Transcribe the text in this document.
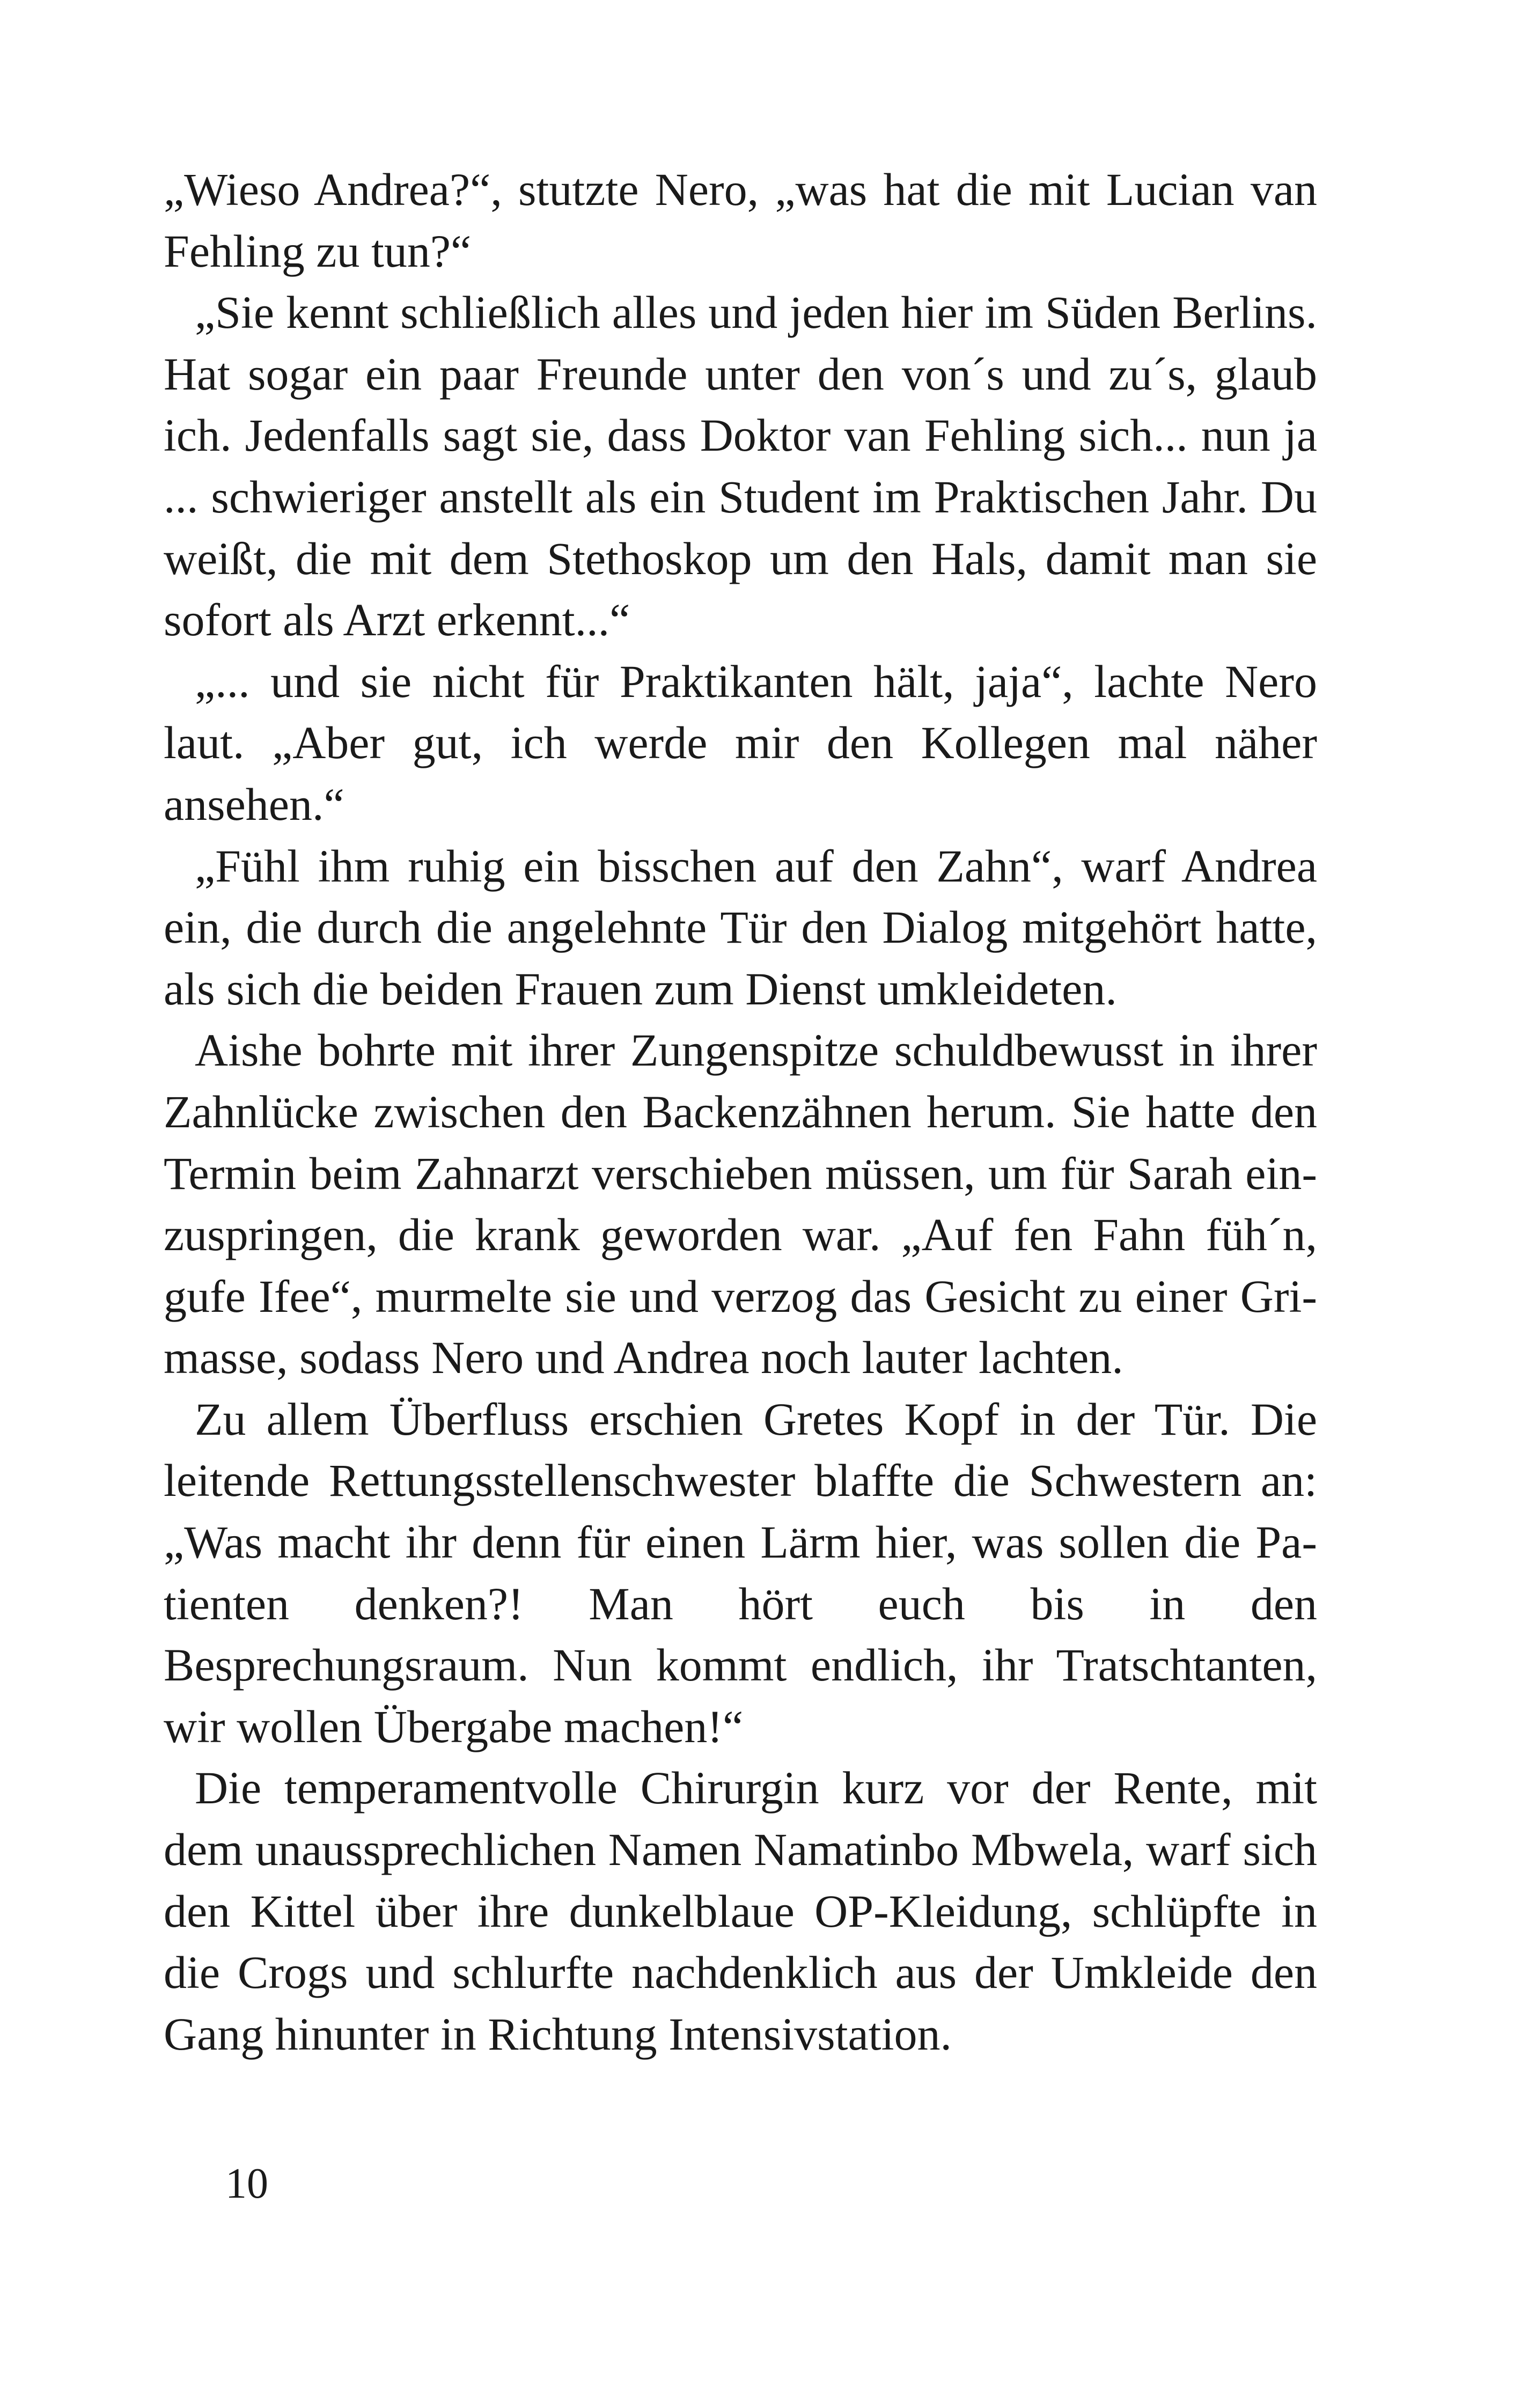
„Wieso Andrea?“, stutzte Nero, „was hat die mit Lucian van Fehling zu tun?“

„Sie kennt schließlich alles und jeden hier im Süden Berlins. Hat sogar ein paar Freunde unter den von´s und zu´s, glaub ich. Jedenfalls sagt sie, dass Doktor van Fehling sich... nun ja ... schwieriger anstellt als ein Student im Praktischen Jahr. Du weißt, die mit dem Stethoskop um den Hals, damit man sie sofort als Arzt erkennt...“

„... und sie nicht für Praktikanten hält, jaja“, lachte Nero laut. „Aber gut, ich werde mir den Kollegen mal näher ansehen.“

„Fühl ihm ruhig ein bisschen auf den Zahn“, warf Andrea ein, die durch die angelehnte Tür den Dialog mitgehört hatte, als sich die beiden Frauen zum Dienst umkleideten.

Aishe bohrte mit ihrer Zungenspitze schuldbewusst in ihrer Zahnlücke zwischen den Backenzähnen herum. Sie hatte den Termin beim Zahnarzt verschieben müssen, um für Sarah einzuspringen, die krank geworden war. „Auf fen Fahn füh´n, gufe Ifee“, murmelte sie und verzog das Gesicht zu einer Grimasse, sodass Nero und Andrea noch lauter lachten.

Zu allem Überfluss erschien Gretes Kopf in der Tür. Die leitende Rettungsstellenschwester blaffte die Schwestern an: „Was macht ihr denn für einen Lärm hier, was sollen die Patienten denken?! Man hört euch bis in den Besprechungsraum. Nun kommt endlich, ihr Tratschtanten, wir wollen Übergabe machen!“

Die temperamentvolle Chirurgin kurz vor der Rente, mit dem unaussprechlichen Namen Namatinbo Mbwela, warf sich den Kittel über ihre dunkelblaue OP-Kleidung, schlüpfte in die Crogs und schlurfte nachdenklich aus der Umkleide den Gang hinunter in Richtung Intensivstation.

10
